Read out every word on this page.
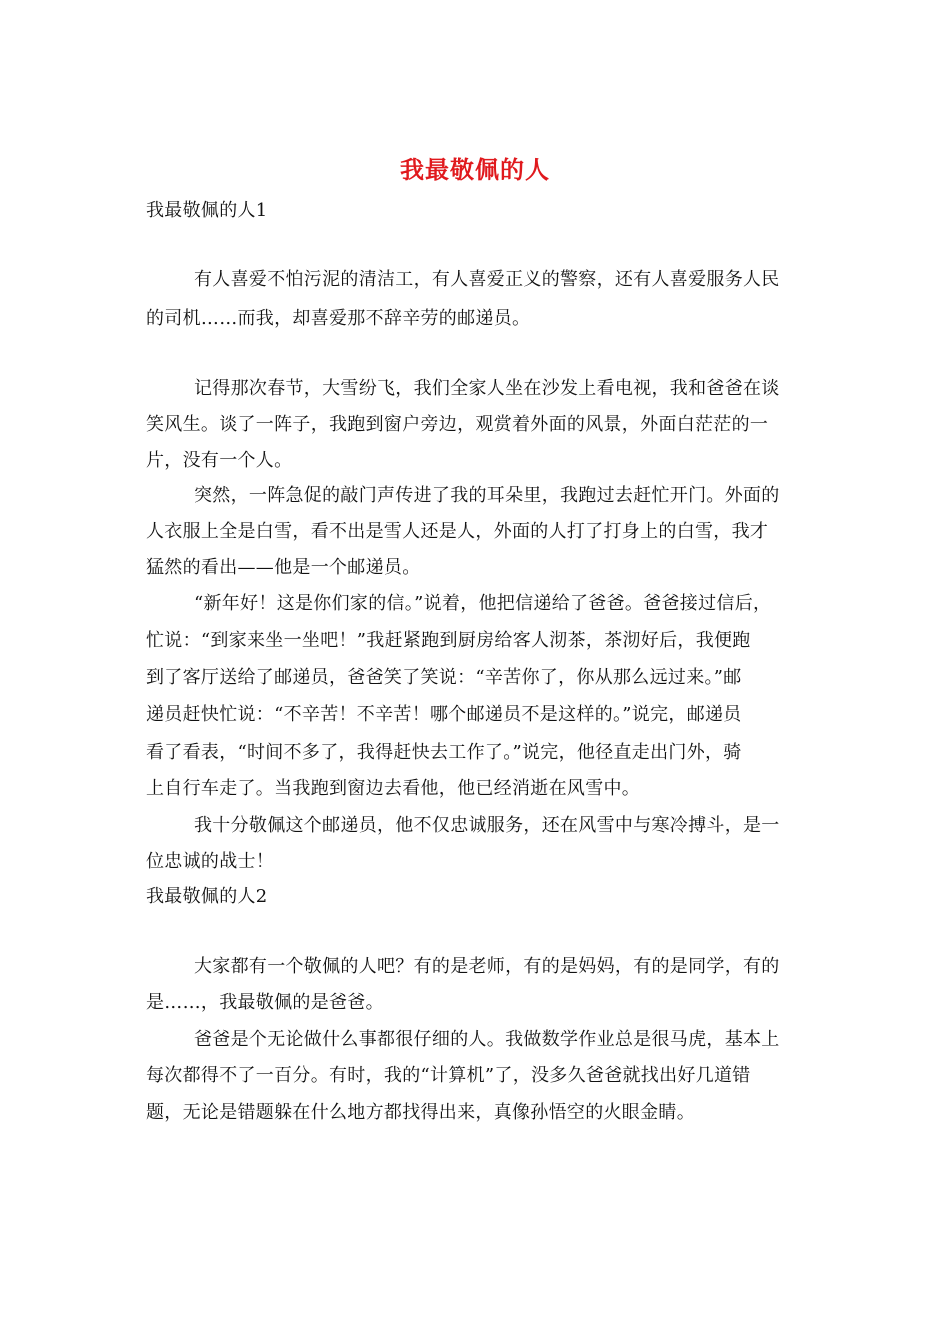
我最敬佩的人
我最敬佩的人1
有人喜爱不怕污泥的清洁工，有人喜爱正义的警察，还有人喜爱服务人民
的司机……而我，却喜爱那不辞辛劳的邮递员。
记得那次春节，大雪纷飞，我们全家人坐在沙发上看电视，我和爸爸在谈
笑风生。谈了一阵子，我跑到窗户旁边，观赏着外面的风景，外面白茫茫的一
片，没有一个人。
突然，一阵急促的敲门声传进了我的耳朵里，我跑过去赶忙开门。外面的
人衣服上全是白雪，看不出是雪人还是人，外面的人打了打身上的白雪，我才
猛然的看出——他是一个邮递员。
“新年好！这是你们家的信。”说着，他把信递给了爸爸。爸爸接过信后，
忙说：“到家来坐一坐吧！”我赶紧跑到厨房给客人沏茶，茶沏好后，我便跑
到了客厅送给了邮递员，爸爸笑了笑说：“辛苦你了，你从那么远过来。”邮
递员赶快忙说：“不辛苦！不辛苦！哪个邮递员不是这样的。”说完，邮递员
看了看表，“时间不多了，我得赶快去工作了。”说完，他径直走出门外，骑
上自行车走了。当我跑到窗边去看他，他已经消逝在风雪中。
我十分敬佩这个邮递员，他不仅忠诚服务，还在风雪中与寒冷搏斗，是一
位忠诚的战士！
我最敬佩的人2
大家都有一个敬佩的人吧？有的是老师，有的是妈妈，有的是同学，有的
是……，我最敬佩的是爸爸。
爸爸是个无论做什么事都很仔细的人。我做数学作业总是很马虎，基本上
每次都得不了一百分。有时，我的“计算机”了，没多久爸爸就找出好几道错
题，无论是错题躲在什么地方都找得出来，真像孙悟空的火眼金睛。
